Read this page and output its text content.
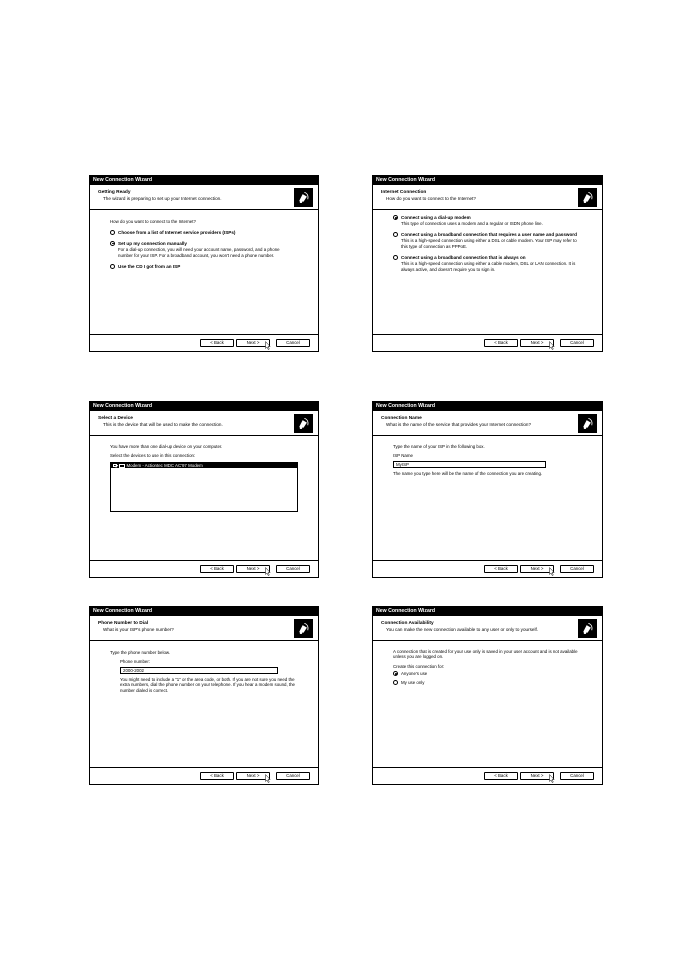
New Connection Wizard
Getting Ready
The wizard is preparing to set up your Internet connection.

How do you want to connect to the Internet?

Choose from a list of Internet service providers (ISPs)
Set up my connection manually
For a dial-up connection, you will need your account name, password, and a phone number for your ISP. For a broadband account, you won't need a phone number.
Use the CD I got from an ISP
< Back	Next >	Cancel
New Connection Wizard
Internet Connection
How do you want to connect to the Internet?
Connect using a dial-up modem
This type of connection uses a modem and a regular or ISDN phone line.
Connect using a broadband connection that requires a user name and password
This is a high-speed connection using either a DSL or cable modem. Your ISP may refer to this type of connection as PPPoE.
Connect using a broadband connection that is always on
This is a high-speed connection using either a cable modem, DSL or LAN connection. It is always active, and doesn't require you to sign in.
< Back	Next >	Cancel
New Connection Wizard
Select a Device
This is the device that will be used to make the connection.

You have more than one dial-up device on your computer.

Select the devices to use in this connection:

Modem - Actiontec MDC AC'97 Modem
< Back	Next >	Cancel
New Connection Wizard
Connection Name
What is the name of the service that provides your Internet connection?

Type the name of your ISP in the following box.

ISP Name

MyISP

The name you type here will be the name of the connection you are creating.

< Back	Next >	Cancel
New Connection Wizard
Phone Number to Dial
What is your ISP's phone number?

Type the phone number below.

Phone number:

2000-2002

You might need to include a "1" or the area code, or both. If you are not sure you need the extra numbers, dial the phone number on your telephone. If you hear a modem sound, the number dialed is correct.

< Back	Next >	Cancel
New Connection Wizard
Connection Availability
You can make the new connection available to any user or only to yourself.

A connection that is created for your use only is saved in your user account and is not available unless you are logged on.

Create this connection for:

Anyone's use
My use only
< Back	Next >	Cancel
